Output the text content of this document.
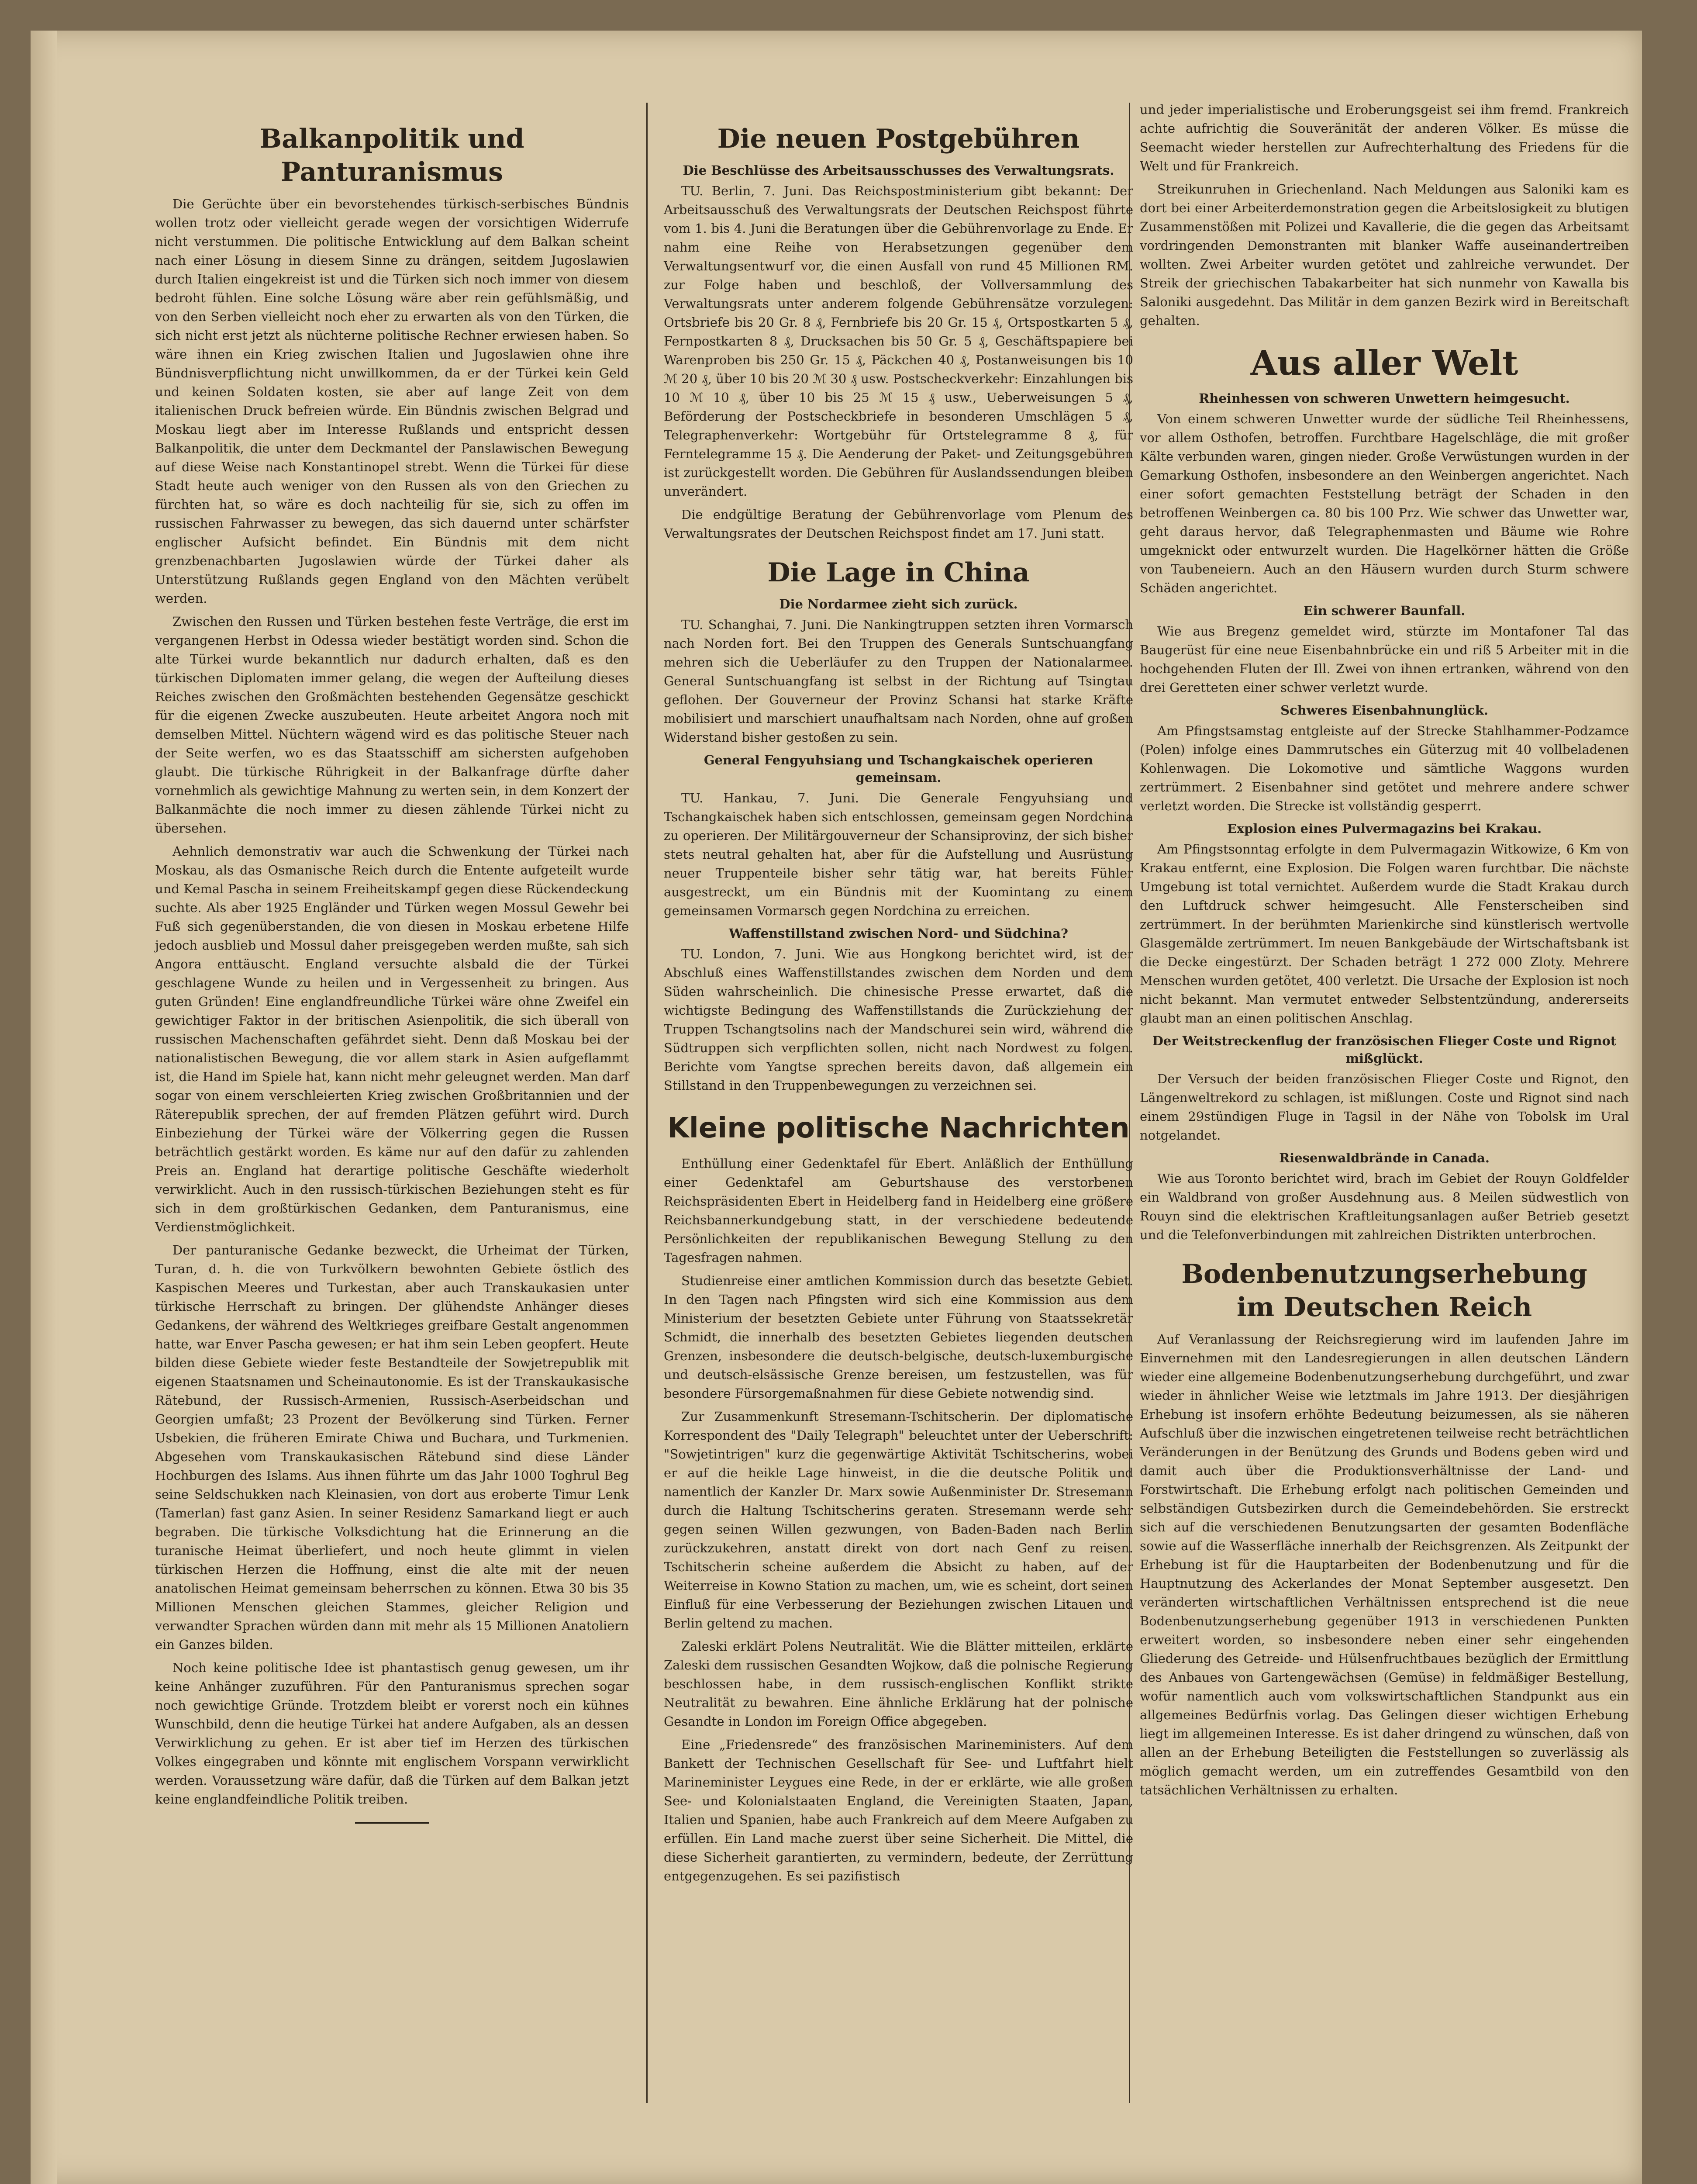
Balkanpolitik und Panturanismus

Die Gerüchte über ein bevorstehendes türkisch-serbisches Bündnis wollen trotz oder vielleicht gerade wegen der vorsichtigen Widerrufe nicht verstummen. Die politische Entwicklung auf dem Balkan scheint nach einer Lösung in diesem Sinne zu drängen, seitdem Jugoslawien durch Italien eingekreist ist und die Türken sich noch immer von diesem bedroht fühlen. Eine solche Lösung wäre aber rein gefühlsmäßig, und von den Serben vielleicht noch eher zu erwarten als von den Türken, die sich nicht erst jetzt als nüchterne politische Rechner erwiesen haben. So wäre ihnen ein Krieg zwischen Italien und Jugoslawien ohne ihre Bündnisverpflichtung nicht unwillkommen, da er der Türkei kein Geld und keinen Soldaten kosten, sie aber auf lange Zeit von dem italienischen Druck befreien würde. Ein Bündnis zwischen Belgrad und Moskau liegt aber im Interesse Rußlands und entspricht dessen Balkanpolitik, die unter dem Deckmantel der Panslawischen Bewegung auf diese Weise nach Konstantinopel strebt. Wenn die Türkei für diese Stadt heute auch weniger von den Russen als von den Griechen zu fürchten hat, so wäre es doch nachteilig für sie, sich zu offen im russischen Fahrwasser zu bewegen, das sich dauernd unter schärfster englischer Aufsicht befindet. Ein Bündnis mit dem nicht grenzbenachbarten Jugoslawien würde der Türkei daher als Unterstützung Rußlands gegen England von den Mächten verübelt werden.

Zwischen den Russen und Türken bestehen feste Verträge, die erst im vergangenen Herbst in Odessa wieder bestätigt worden sind. Schon die alte Türkei wurde bekanntlich nur dadurch erhalten, daß es den türkischen Diplomaten immer gelang, die wegen der Aufteilung dieses Reiches zwischen den Großmächten bestehenden Gegensätze geschickt für die eigenen Zwecke auszubeuten. Heute arbeitet Angora noch mit demselben Mittel. Nüchtern wägend wird es das politische Steuer nach der Seite werfen, wo es das Staatsschiff am sichersten aufgehoben glaubt. Die türkische Rührigkeit in der Balkanfrage dürfte daher vornehmlich als gewichtige Mahnung zu werten sein, in dem Konzert der Balkanmächte die noch immer zu diesen zählende Türkei nicht zu übersehen.

Aehnlich demonstrativ war auch die Schwenkung der Türkei nach Moskau, als das Osmanische Reich durch die Entente aufgeteilt wurde und Kemal Pascha in seinem Freiheitskampf gegen diese Rückendeckung suchte. Als aber 1925 Engländer und Türken wegen Mossul Gewehr bei Fuß sich gegenüberstanden, die von diesen in Moskau erbetene Hilfe jedoch ausblieb und Mossul daher preisgegeben werden mußte, sah sich Angora enttäuscht. England versuchte alsbald die der Türkei geschlagene Wunde zu heilen und in Vergessenheit zu bringen. Aus guten Gründen! Eine englandfreundliche Türkei wäre ohne Zweifel ein gewichtiger Faktor in der britischen Asienpolitik, die sich überall von russischen Machenschaften gefährdet sieht. Denn daß Moskau bei der nationalistischen Bewegung, die vor allem stark in Asien aufgeflammt ist, die Hand im Spiele hat, kann nicht mehr geleugnet werden. Man darf sogar von einem verschleierten Krieg zwischen Großbritannien und der Räterepublik sprechen, der auf fremden Plätzen geführt wird. Durch Einbeziehung der Türkei wäre der Völkerring gegen die Russen beträchtlich gestärkt worden. Es käme nur auf den dafür zu zahlenden Preis an. England hat derartige politische Geschäfte wiederholt verwirklicht. Auch in den russisch-türkischen Beziehungen steht es für sich in dem großtürkischen Gedanken, dem Panturanismus, eine Verdienstmöglichkeit.

Der panturanische Gedanke bezweckt, die Urheimat der Türken, Turan, d. h. die von Turkvölkern bewohnten Gebiete östlich des Kaspischen Meeres und Turkestan, aber auch Transkaukasien unter türkische Herrschaft zu bringen. Der glühendste Anhänger dieses Gedankens, der während des Weltkrieges greifbare Gestalt angenommen hatte, war Enver Pascha gewesen; er hat ihm sein Leben geopfert. Heute bilden diese Gebiete wieder feste Bestandteile der Sowjetrepublik mit eigenen Staatsnamen und Scheinautonomie. Es ist der Transkaukasische Rätebund, der Russisch-Armenien, Russisch-Aserbeidschan und Georgien umfaßt; 23 Prozent der Bevölkerung sind Türken. Ferner Usbekien, die früheren Emirate Chiwa und Buchara, und Turkmenien. Abgesehen vom Transkaukasischen Rätebund sind diese Länder Hochburgen des Islams. Aus ihnen führte um das Jahr 1000 Toghrul Beg seine Seldschukken nach Kleinasien, von dort aus eroberte Timur Lenk (Tamerlan) fast ganz Asien. In seiner Residenz Samarkand liegt er auch begraben. Die türkische Volksdichtung hat die Erinnerung an die turanische Heimat überliefert, und noch heute glimmt in vielen türkischen Herzen die Hoffnung, einst die alte mit der neuen anatolischen Heimat gemeinsam beherrschen zu können. Etwa 30 bis 35 Millionen Menschen gleichen Stammes, gleicher Religion und verwandter Sprachen würden dann mit mehr als 15 Millionen Anatoliern ein Ganzes bilden.

Noch keine politische Idee ist phantastisch genug gewesen, um ihr keine Anhänger zuzuführen. Für den Panturanismus sprechen sogar noch gewichtige Gründe. Trotzdem bleibt er vorerst noch ein kühnes Wunschbild, denn die heutige Türkei hat andere Aufgaben, als an dessen Verwirklichung zu gehen. Er ist aber tief im Herzen des türkischen Volkes eingegraben und könnte mit englischem Vorspann verwirklicht werden. Voraussetzung wäre dafür, daß die Türken auf dem Balkan jetzt keine englandfeindliche Politik treiben.

Die neuen Postgebühren
Die Beschlüsse des Arbeitsausschusses des Verwaltungsrats.

TU. Berlin, 7. Juni. Das Reichspostministerium gibt bekannt: Der Arbeitsausschuß des Verwaltungsrats der Deutschen Reichspost führte vom 1. bis 4. Juni die Beratungen über die Gebührenvorlage zu Ende. Er nahm eine Reihe von Herabsetzungen gegenüber dem Verwaltungsentwurf vor, die einen Ausfall von rund 45 Millionen RM. zur Folge haben und beschloß, der Vollversammlung des Verwaltungsrats unter anderem folgende Gebührensätze vorzulegen: Ortsbriefe bis 20 Gr. 8 ₰, Fernbriefe bis 20 Gr. 15 ₰, Ortspostkarten 5 ₰, Fernpostkarten 8 ₰, Drucksachen bis 50 Gr. 5 ₰, Geschäftspapiere bei Warenproben bis 250 Gr. 15 ₰, Päckchen 40 ₰, Postanweisungen bis 10 ℳ 20 ₰, über 10 bis 20 ℳ 30 ₰ usw. Postscheckverkehr: Einzahlungen bis 10 ℳ 10 ₰, über 10 bis 25 ℳ 15 ₰ usw., Ueberweisungen 5 ₰, Beförderung der Postscheckbriefe in besonderen Umschlägen 5 ₰, Telegraphenverkehr: Wortgebühr für Ortstelegramme 8 ₰, für Ferntelegramme 15 ₰. Die Aenderung der Paket- und Zeitungsgebühren ist zurückgestellt worden. Die Gebühren für Auslandssendungen bleiben unverändert.

Die endgültige Beratung der Gebührenvorlage vom Plenum des Verwaltungsrates der Deutschen Reichspost findet am 17. Juni statt.

Die Lage in China
Die Nordarmee zieht sich zurück.

TU. Schanghai, 7. Juni. Die Nankingtruppen setzten ihren Vormarsch nach Norden fort. Bei den Truppen des Generals Suntschuangfang mehren sich die Ueberläufer zu den Truppen der Nationalarmee. General Suntschuangfang ist selbst in der Richtung auf Tsingtau geflohen. Der Gouverneur der Provinz Schansi hat starke Kräfte mobilisiert und marschiert unaufhaltsam nach Norden, ohne auf großen Widerstand bisher gestoßen zu sein.

General Fengyuhsiang und Tschangkaischek operieren gemeinsam.

TU. Hankau, 7. Juni. Die Generale Fengyuhsiang und Tschangkaischek haben sich entschlossen, gemeinsam gegen Nordchina zu operieren. Der Militärgouverneur der Schansiprovinz, der sich bisher stets neutral gehalten hat, aber für die Aufstellung und Ausrüstung neuer Truppenteile bisher sehr tätig war, hat bereits Fühler ausgestreckt, um ein Bündnis mit der Kuomintang zu einem gemeinsamen Vormarsch gegen Nordchina zu erreichen.

Waffenstillstand zwischen Nord- und Südchina?

TU. London, 7. Juni. Wie aus Hongkong berichtet wird, ist der Abschluß eines Waffenstillstandes zwischen dem Norden und dem Süden wahrscheinlich. Die chinesische Presse erwartet, daß die wichtigste Bedingung des Waffenstillstands die Zurückziehung der Truppen Tschangtsolins nach der Mandschurei sein wird, während die Südtruppen sich verpflichten sollen, nicht nach Nordwest zu folgen. Berichte vom Yangtse sprechen bereits davon, daß allgemein ein Stillstand in den Truppenbewegungen zu verzeichnen sei.

Kleine politische Nachrichten

Enthüllung einer Gedenktafel für Ebert. Anläßlich der Enthüllung einer Gedenktafel am Geburtshause des verstorbenen Reichspräsidenten Ebert in Heidelberg fand in Heidelberg eine größere Reichsbannerkundgebung statt, in der verschiedene bedeutende Persönlichkeiten der republikanischen Bewegung Stellung zu den Tagesfragen nahmen.

Studienreise einer amtlichen Kommission durch das besetzte Gebiet. In den Tagen nach Pfingsten wird sich eine Kommission aus dem Ministerium der besetzten Gebiete unter Führung von Staatssekretär Schmidt, die innerhalb des besetzten Gebietes liegenden deutschen Grenzen, insbesondere die deutsch-belgische, deutsch-luxemburgische und deutsch-elsässische Grenze bereisen, um festzustellen, was für besondere Fürsorgemaßnahmen für diese Gebiete notwendig sind.

Zur Zusammenkunft Stresemann-Tschitscherin. Der diplomatische Korrespondent des "Daily Telegraph" beleuchtet unter der Ueberschrift: "Sowjetintrigen" kurz die gegenwärtige Aktivität Tschitscherins, wobei er auf die heikle Lage hinweist, in die die deutsche Politik und namentlich der Kanzler Dr. Marx sowie Außenminister Dr. Stresemann durch die Haltung Tschitscherins geraten. Stresemann werde sehr gegen seinen Willen gezwungen, von Baden-Baden nach Berlin zurückzukehren, anstatt direkt von dort nach Genf zu reisen. Tschitscherin scheine außerdem die Absicht zu haben, auf der Weiterreise in Kowno Station zu machen, um, wie es scheint, dort seinen Einfluß für eine Verbesserung der Beziehungen zwischen Litauen und Berlin geltend zu machen.

Zaleski erklärt Polens Neutralität. Wie die Blätter mitteilen, erklärte Zaleski dem russischen Gesandten Wojkow, daß die polnische Regierung beschlossen habe, in dem russisch-englischen Konflikt strikte Neutralität zu bewahren. Eine ähnliche Erklärung hat der polnische Gesandte in London im Foreign Office abgegeben.

Eine „Friedensrede“ des französischen Marineministers. Auf dem Bankett der Technischen Gesellschaft für See- und Luftfahrt hielt Marineminister Leygues eine Rede, in der er erklärte, wie alle großen See- und Kolonialstaaten England, die Vereinigten Staaten, Japan, Italien und Spanien, habe auch Frankreich auf dem Meere Aufgaben zu erfüllen. Ein Land mache zuerst über seine Sicherheit. Die Mittel, die diese Sicherheit garantierten, zu vermindern, bedeute, der Zerrüttung entgegenzugehen. Es sei pazifistisch

und jeder imperialistische und Eroberungsgeist sei ihm fremd. Frankreich achte aufrichtig die Souveränität der anderen Völker. Es müsse die Seemacht wieder herstellen zur Aufrechterhaltung des Friedens für die Welt und für Frankreich.

Streikunruhen in Griechenland. Nach Meldungen aus Saloniki kam es dort bei einer Arbeiterdemonstration gegen die Arbeitslosigkeit zu blutigen Zusammenstößen mit Polizei und Kavallerie, die die gegen das Arbeitsamt vordringenden Demonstranten mit blanker Waffe auseinandertreiben wollten. Zwei Arbeiter wurden getötet und zahlreiche verwundet. Der Streik der griechischen Tabakarbeiter hat sich nunmehr von Kawalla bis Saloniki ausgedehnt. Das Militär in dem ganzen Bezirk wird in Bereitschaft gehalten.

Aus aller Welt
Rheinhessen von schweren Unwettern heimgesucht.

Von einem schweren Unwetter wurde der südliche Teil Rheinhessens, vor allem Osthofen, betroffen. Furchtbare Hagelschläge, die mit großer Kälte verbunden waren, gingen nieder. Große Verwüstungen wurden in der Gemarkung Osthofen, insbesondere an den Weinbergen angerichtet. Nach einer sofort gemachten Feststellung beträgt der Schaden in den betroffenen Weinbergen ca. 80 bis 100 Prz. Wie schwer das Unwetter war, geht daraus hervor, daß Telegraphenmasten und Bäume wie Rohre umgeknickt oder entwurzelt wurden. Die Hagelkörner hätten die Größe von Taubeneiern. Auch an den Häusern wurden durch Sturm schwere Schäden angerichtet.

Ein schwerer Baunfall.

Wie aus Bregenz gemeldet wird, stürzte im Montafoner Tal das Baugerüst für eine neue Eisenbahnbrücke ein und riß 5 Arbeiter mit in die hochgehenden Fluten der Ill. Zwei von ihnen ertranken, während von den drei Geretteten einer schwer verletzt wurde.

Schweres Eisenbahnunglück.

Am Pfingstsamstag entgleiste auf der Strecke Stahlhammer-Podzamce (Polen) infolge eines Dammrutsches ein Güterzug mit 40 vollbeladenen Kohlenwagen. Die Lokomotive und sämtliche Waggons wurden zertrümmert. 2 Eisenbahner sind getötet und mehrere andere schwer verletzt worden. Die Strecke ist vollständig gesperrt.

Explosion eines Pulvermagazins bei Krakau.

Am Pfingstsonntag erfolgte in dem Pulvermagazin Witkowize, 6 Km von Krakau entfernt, eine Explosion. Die Folgen waren furchtbar. Die nächste Umgebung ist total vernichtet. Außerdem wurde die Stadt Krakau durch den Luftdruck schwer heimgesucht. Alle Fensterscheiben sind zertrümmert. In der berühmten Marienkirche sind künstlerisch wertvolle Glasgemälde zertrümmert. Im neuen Bankgebäude der Wirtschaftsbank ist die Decke eingestürzt. Der Schaden beträgt 1 272 000 Zloty. Mehrere Menschen wurden getötet, 400 verletzt. Die Ursache der Explosion ist noch nicht bekannt. Man vermutet entweder Selbstentzündung, andererseits glaubt man an einen politischen Anschlag.

Der Weitstreckenflug der französischen Flieger Coste und Rignot mißglückt.

Der Versuch der beiden französischen Flieger Coste und Rignot, den Längenweltrekord zu schlagen, ist mißlungen. Coste und Rignot sind nach einem 29stündigen Fluge in Tagsil in der Nähe von Tobolsk im Ural notgelandet.

Riesenwaldbrände in Canada.

Wie aus Toronto berichtet wird, brach im Gebiet der Rouyn Goldfelder ein Waldbrand von großer Ausdehnung aus. 8 Meilen südwestlich von Rouyn sind die elektrischen Kraftleitungsanlagen außer Betrieb gesetzt und die Telefonverbindungen mit zahlreichen Distrikten unterbrochen.

Bodenbenutzungserhebung im Deutschen Reich

Auf Veranlassung der Reichsregierung wird im laufenden Jahre im Einvernehmen mit den Landesregierungen in allen deutschen Ländern wieder eine allgemeine Bodenbenutzungserhebung durchgeführt, und zwar wieder in ähnlicher Weise wie letztmals im Jahre 1913. Der diesjährigen Erhebung ist insofern erhöhte Bedeutung beizumessen, als sie näheren Aufschluß über die inzwischen eingetretenen teilweise recht beträchtlichen Veränderungen in der Benützung des Grunds und Bodens geben wird und damit auch über die Produktionsverhältnisse der Land- und Forstwirtschaft. Die Erhebung erfolgt nach politischen Gemeinden und selbständigen Gutsbezirken durch die Gemeindebehörden. Sie erstreckt sich auf die verschiedenen Benutzungsarten der gesamten Bodenfläche sowie auf die Wasserfläche innerhalb der Reichsgrenzen. Als Zeitpunkt der Erhebung ist für die Hauptarbeiten der Bodenbenutzung und für die Hauptnutzung des Ackerlandes der Monat September ausgesetzt. Den veränderten wirtschaftlichen Verhältnissen entsprechend ist die neue Bodenbenutzungserhebung gegenüber 1913 in verschiedenen Punkten erweitert worden, so insbesondere neben einer sehr eingehenden Gliederung des Getreide- und Hülsenfruchtbaues bezüglich der Ermittlung des Anbaues von Gartengewächsen (Gemüse) in feldmäßiger Bestellung, wofür namentlich auch vom volkswirtschaftlichen Standpunkt aus ein allgemeines Bedürfnis vorlag. Das Gelingen dieser wichtigen Erhebung liegt im allgemeinen Interesse. Es ist daher dringend zu wünschen, daß von allen an der Erhebung Beteiligten die Feststellungen so zuverlässig als möglich gemacht werden, um ein zutreffendes Gesamtbild von den tatsächlichen Verhältnissen zu erhalten.
